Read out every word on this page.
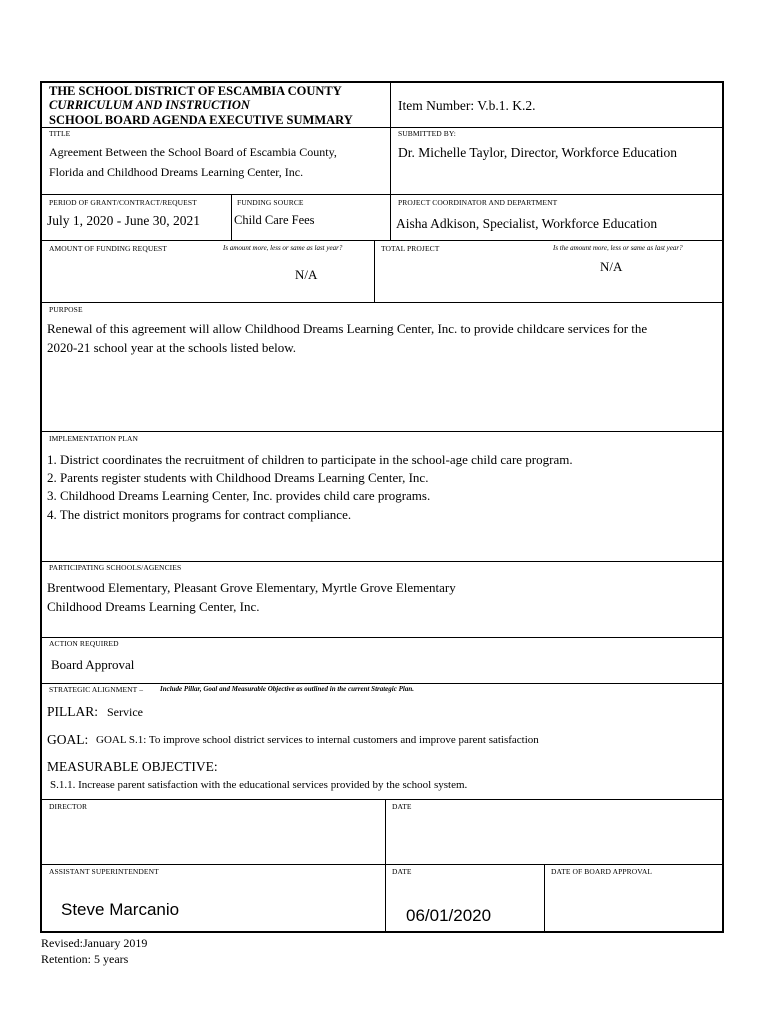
THE SCHOOL DISTRICT OF ESCAMBIA COUNTY
CURRICULUM AND INSTRUCTION
SCHOOL BOARD AGENDA EXECUTIVE SUMMARY
Item Number: V.b.1. K.2.
TITLE
Agreement Between the School Board of Escambia County,
Florida and Childhood Dreams Learning Center, Inc.
SUBMITTED BY:
Dr. Michelle Taylor, Director, Workforce Education
PERIOD OF GRANT/CONTRACT/REQUEST
July 1, 2020 - June 30, 2021
FUNDING SOURCE
Child Care Fees
PROJECT COORDINATOR AND DEPARTMENT
Aisha Adkison, Specialist, Workforce Education
AMOUNT OF FUNDING REQUEST	Is amount more, less or same as last year?
N/A
TOTAL PROJECT	Is the amount more, less or same as last year?
N/A
PURPOSE
Renewal of this agreement will allow Childhood Dreams Learning Center, Inc. to provide childcare services for the
2020-21 school year at the schools listed below.
IMPLEMENTATION PLAN
1. District coordinates the recruitment of children to participate in the school-age child care program.
2. Parents register students with Childhood Dreams Learning Center, Inc.
3. Childhood Dreams Learning Center, Inc. provides child care programs.
4. The district monitors programs for contract compliance.
PARTICIPATING SCHOOLS/AGENCIES
Brentwood Elementary, Pleasant Grove Elementary, Myrtle Grove Elementary
Childhood Dreams Learning Center, Inc.
ACTION REQUIRED
Board Approval
STRATEGIC ALIGNMENT – Include Pillar, Goal and Measurable Objective as outlined in the current Strategic Plan.
PILLAR: Service
GOAL: GOAL S.1: To improve school district services to internal customers and improve parent satisfaction
MEASURABLE OBJECTIVE:
S.1.1. Increase parent satisfaction with the educational services provided by the school system.
DIRECTOR	DATE
ASSISTANT SUPERINTENDENT	DATE	DATE OF BOARD APPROVAL
Steve Marcanio	06/01/2020
Revised:January 2019
Retention: 5 years
